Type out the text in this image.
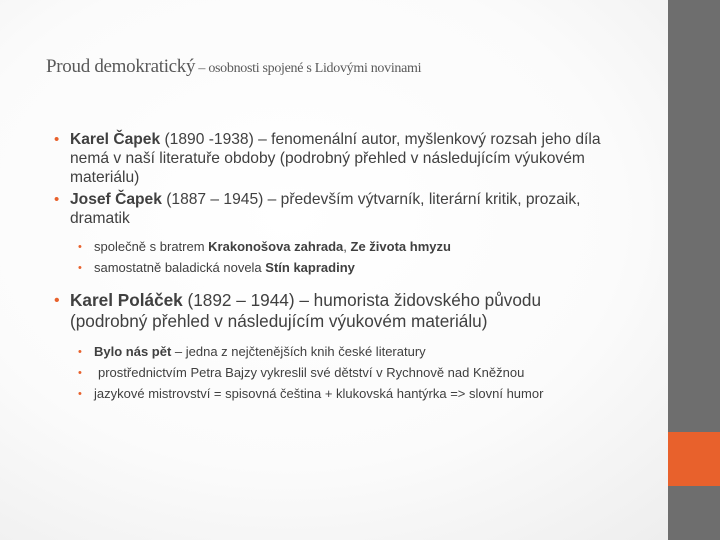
Proud demokratický – osobnosti spojené s Lidovými novinami
• Karel Čapek (1890 -1938) – fenomenální autor, myšlenkový rozsah jeho díla nemá v naší literatuře obdoby (podrobný přehled v následujícím výukovém materiálu)
• Josef Čapek (1887 – 1945) – především výtvarník, literární kritik, prozaik, dramatik
• společně s bratrem Krakonošova zahrada, Ze života hmyzu
• samostatně baladická novela Stín kapradiny
• Karel Poláček (1892 – 1944) – humorista židovského původu (podrobný přehled v následujícím výukovém materiálu)
• Bylo nás pět – jedna z nejčtenějších knih české literatury
• prostřednictvím Petra Bajzy vykreslil své dětství v Rychnově nad Kněžnou
• jazykové mistrovství = spisovná čeština + klukovská hantýrka => slovní humor
